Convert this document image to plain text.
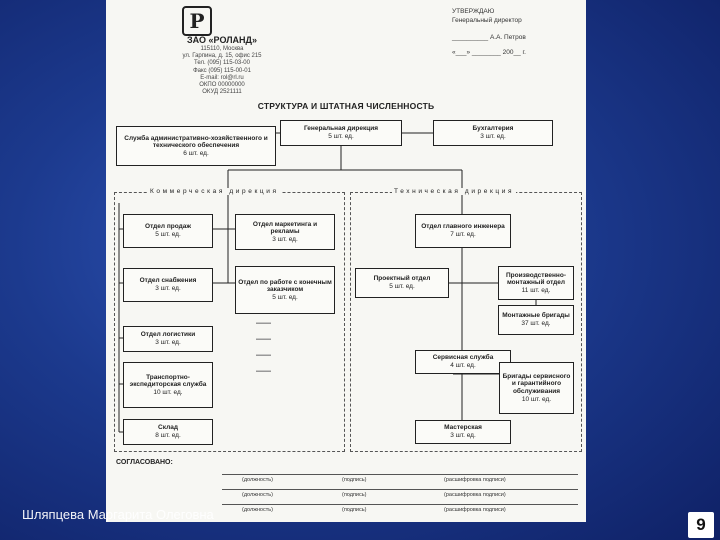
Р
ЗАО «РОЛАНД»
115110, Москва
ул. Гарпина, д. 15, офис 215
Тел. (095) 115-03-00
Факс (095) 115-00-01
E-mail: rol@rl.ru
ОКПО 00000000
ОКУД 2521111
УТВЕРЖДАЮ
Генеральный директор
__________ А.А. Петров
«___» ________ 200__ г.
СТРУКТУРА И ШТАТНАЯ ЧИСЛЕННОСТЬ
Коммерческая дирекция	Техническая дирекция
Генеральная дирекция
5 шт. ед.
Бухгалтерия
3 шт. ед.
Служба административно-хозяйственного и технического обеспечения
6 шт. ед.
Отдел продаж
5 шт. ед.
Отдел снабжения
3 шт. ед.
Отдел логистики
3 шт. ед.
Транспортно-экспедиторская служба
10 шт. ед.
Склад
8 шт. ед.
Отдел маркетинга и рекламы
3 шт. ед.
Отдел по работе с конечным заказчиком
5 шт. ед.
▬▬▬
▬▬▬
▬▬▬
▬▬▬
Отдел главного инженера
7 шт. ед.
Проектный отдел
5 шт. ед.
Производственно-монтажный отдел
11 шт. ед.
Монтажные бригады
37 шт. ед.
Сервисная служба
4 шт. ед.
Бригады сервисного и гарантийного обслуживания
10 шт. ед.
Мастерская
3 шт. ед.
СОГЛАСОВАНО:
(должность)	(подпись)	(расшифровка подписи)
(должность)	(подпись)	(расшифровка подписи)
(должность)	(подпись)	(расшифровка подписи)
Шляпцева Маргарита Олеговна
9
